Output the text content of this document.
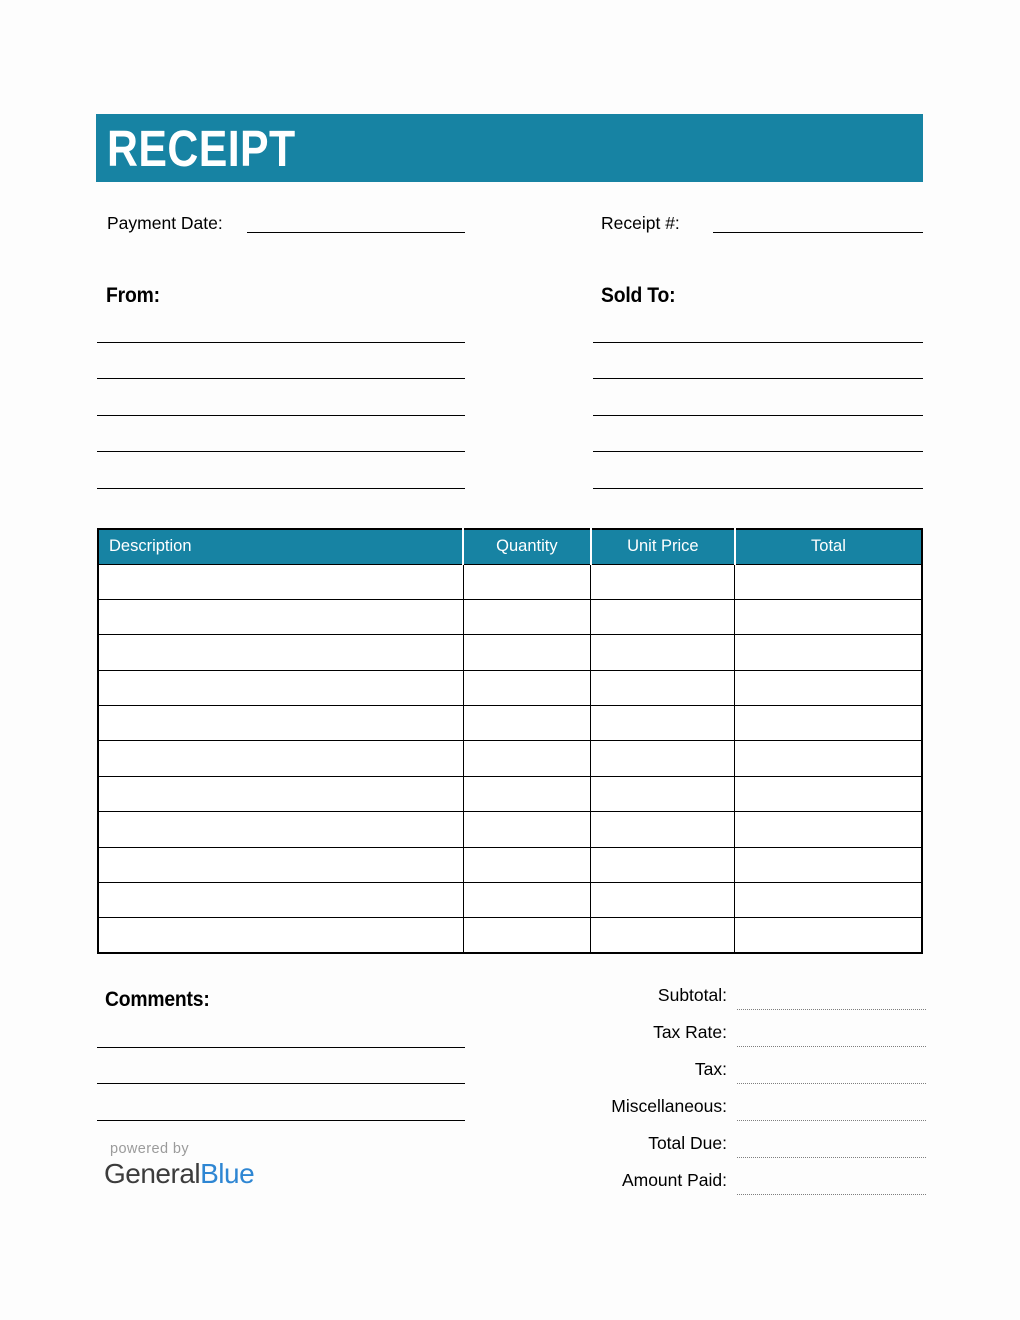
RECEIPT
Payment Date:	Receipt #:
From:	Sold To:
Description	Quantity	Unit Price	Total

Comments:	Subtotal:
Tax Rate:
Tax:
Miscellaneous:
Total Due:
Amount Paid:
powered by
GeneralBlue
